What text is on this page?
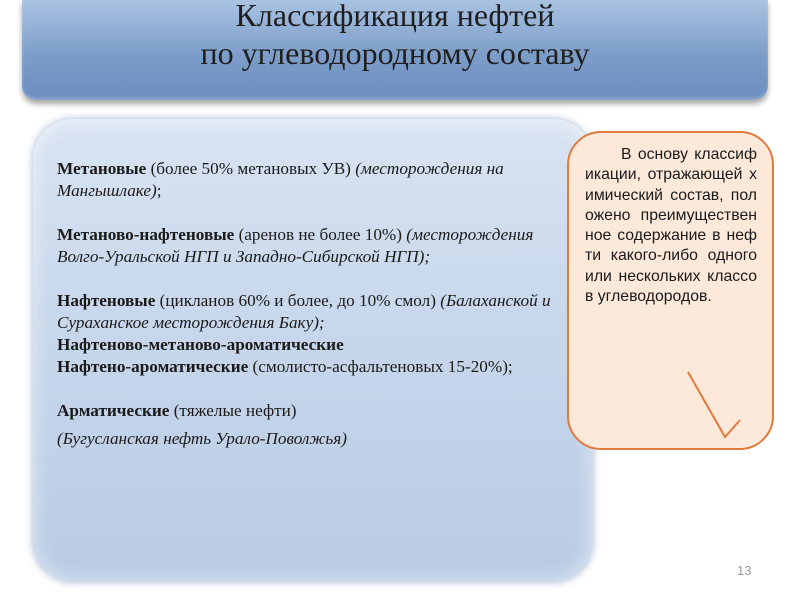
Классификация нефтей
по углеводородному составу
Метановые (более 50% метановых УВ) (месторождения на Мангышлаке);
Метаново-нафтеновые (аренов не более 10%) (месторождения Волго-Уральской НГП и Западно-Сибирской НГП);
Нафтеновые (цикланов 60% и более, до 10% смол) (Балаханской и Сураханское месторождения Баку);
Нафтеново-метаново-ароматические
Нафтено-ароматические (смолисто-асфальтеновых 15-20%);
Арматические (тяжелые нефти)
(Бугусланская нефть Урало-Поволжья)
В основу классификации, отражающей химический состав, положено преимущественное содержание в нефти какого-либо одного или нескольких классов углеводородов.
13
